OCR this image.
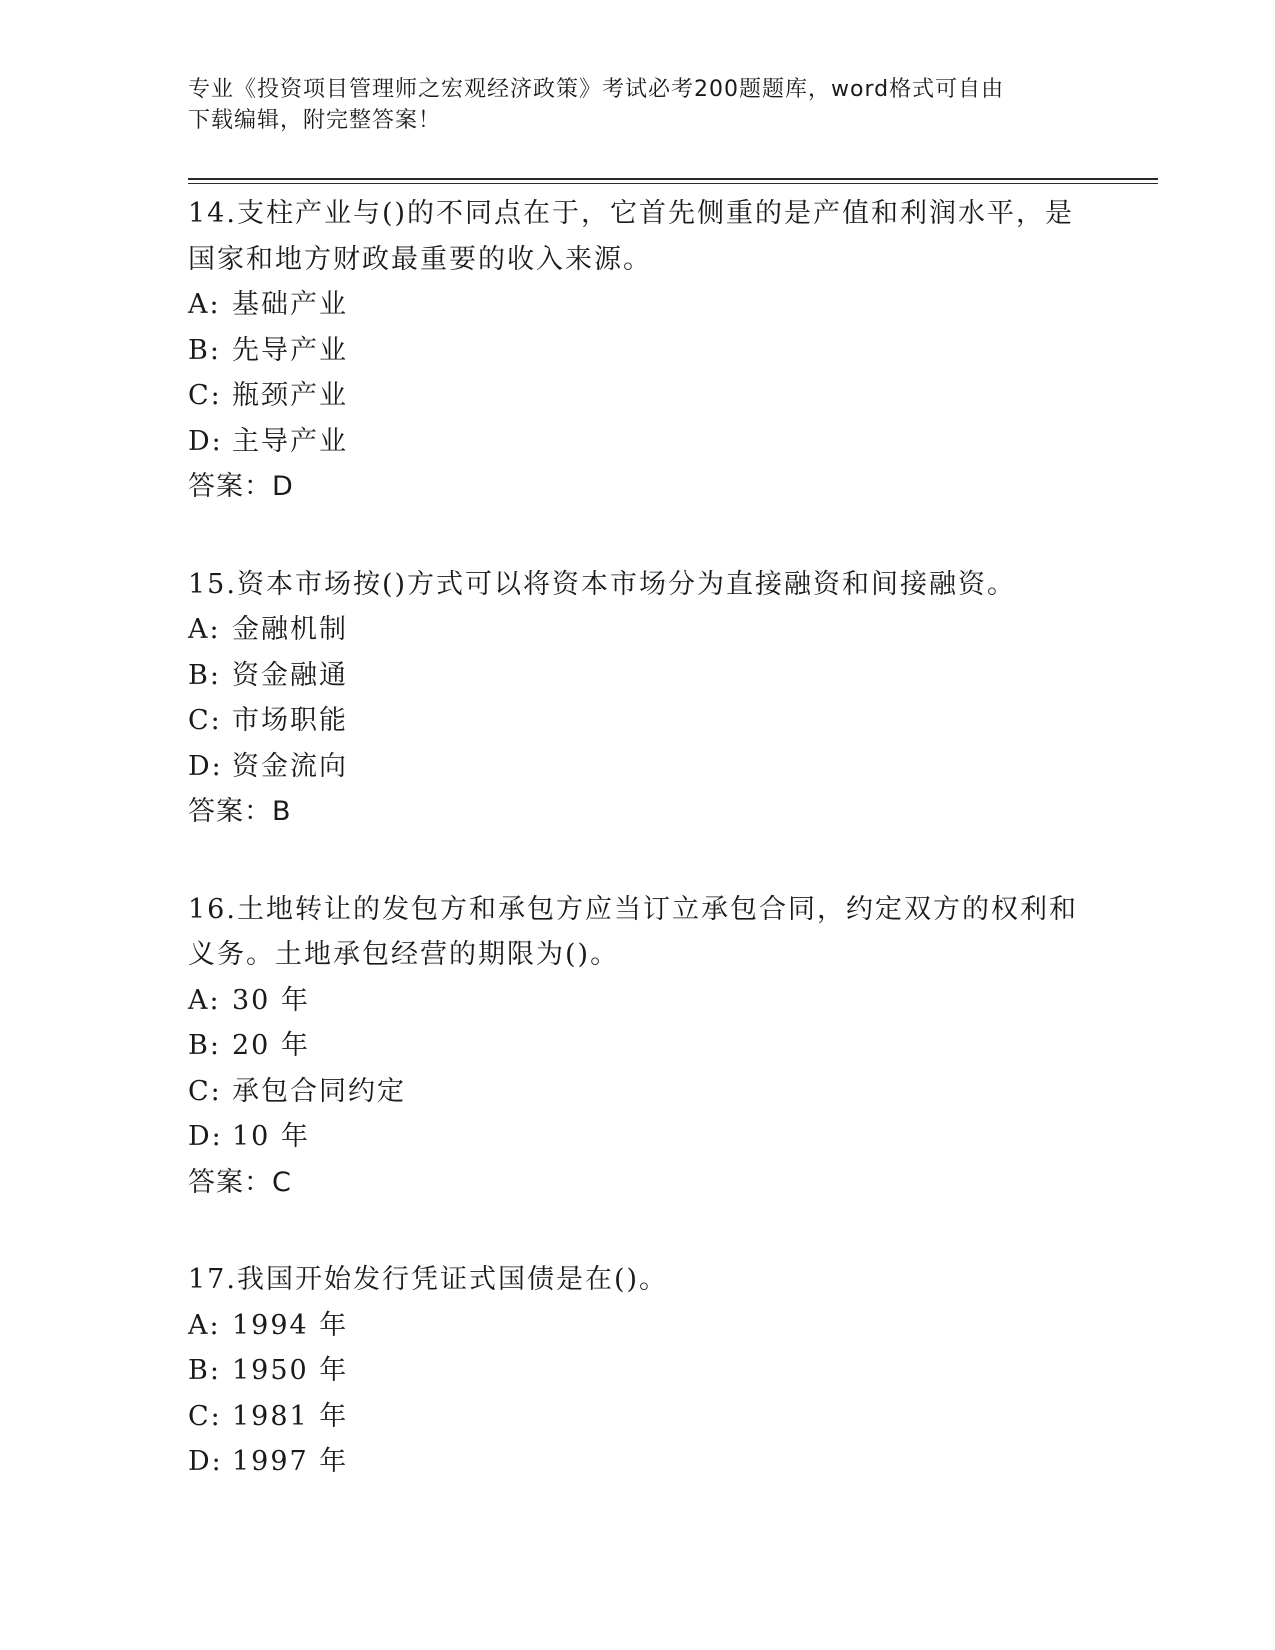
专业《投资项目管理师之宏观经济政策》考试必考200题题库，word格式可自由
下载编辑，附完整答案！
14.支柱产业与()的不同点在于，它首先侧重的是产值和利润水平，是
国家和地方财政最重要的收入来源。
A: 基础产业
B: 先导产业
C: 瓶颈产业
D: 主导产业
答案：D
15.资本市场按()方式可以将资本市场分为直接融资和间接融资。
A: 金融机制
B: 资金融通
C: 市场职能
D: 资金流向
答案：B
16.土地转让的发包方和承包方应当订立承包合同，约定双方的权利和
义务。土地承包经营的期限为()。
A: 30 年
B: 20 年
C: 承包合同约定
D: 10 年
答案：C
17.我国开始发行凭证式国债是在()。
A: 1994 年
B: 1950 年
C: 1981 年
D: 1997 年
